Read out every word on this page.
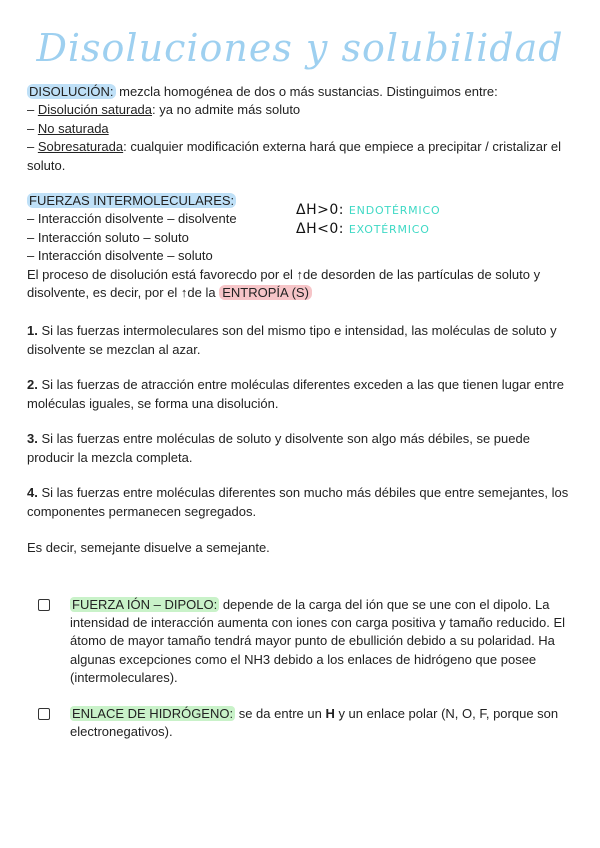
Disoluciones y solubilidad
DISOLUCIÓN: mezcla homogénea de dos o más sustancias. Distinguimos entre:
– Disolución saturada: ya no admite más soluto
– No saturada
– Sobresaturada: cualquier modificación externa hará que empiece a precipitar / cristalizar el soluto.
FUERZAS INTERMOLECULARES:
– Interacción disolvente – disolvente
– Interacción soluto – soluto
– Interacción disolvente – soluto
El proceso de disolución está favorecdo por el ↑de desorden de las partículas de soluto y disolvente, es decir, por el ↑de la ENTROPÍA (S)
ΔH>0: ENDOTÉRMICO
ΔH<0: EXOTÉRMICO
1. Si las fuerzas intermoleculares son del mismo tipo e intensidad, las moléculas de soluto y disolvente se mezclan al azar.
2. Si las fuerzas de atracción entre moléculas diferentes exceden a las que tienen lugar entre moléculas iguales, se forma una disolución.
3. Si las fuerzas entre moléculas de soluto y disolvente son algo más débiles, se puede producir la mezcla completa.
4. Si las fuerzas entre moléculas diferentes son mucho más débiles que entre semejantes, los componentes permanecen segregados.
Es decir, semejante disuelve a semejante.
FUERZA IÓN – DIPOLO: depende de la carga del ión que se une con el dipolo. La intensidad de interacción aumenta con iones con carga positiva y tamaño reducido. El átomo de mayor tamaño tendrá mayor punto de ebullición debido a su polaridad. Ha algunas excepciones como el NH3 debido a los enlaces de hidrógeno que posee (intermoleculares).
ENLACE DE HIDRÓGENO: se da entre un H y un enlace polar (N, O, F, porque son electronegativos).
